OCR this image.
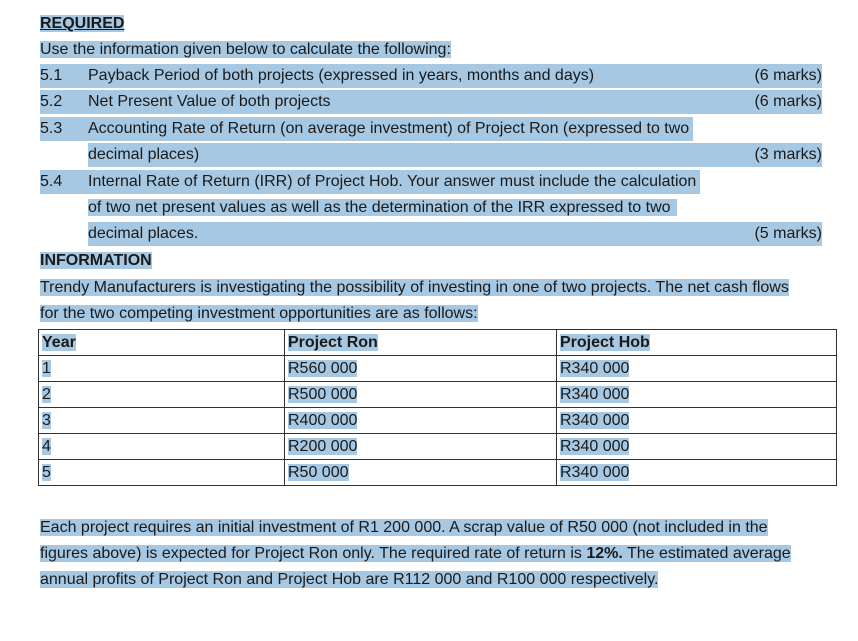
REQUIRED
Use the information given below to calculate the following:
5.1	Payback Period of both projects (expressed in years, months and days)	(6 marks)
5.2	Net Present Value of both projects	(6 marks)
5.3	Accounting Rate of Return (on average investment) of Project Ron (expressed to two
decimal places)	(3 marks)
5.4	Internal Rate of Return (IRR) of Project Hob. Your answer must include the calculation
of two net present values as well as the determination of the IRR expressed to two
decimal places.	(5 marks)
INFORMATION
Trendy Manufacturers is investigating the possibility of investing in one of two projects. The net cash flows
for the two competing investment opportunities are as follows:
Year	Project Ron	Project Hob
1	R560 000	R340 000
2	R500 000	R340 000
3	R400 000	R340 000
4	R200 000	R340 000
5	R50 000	R340 000
Each project requires an initial investment of R1 200 000. A scrap value of R50 000 (not included in the
figures above) is expected for Project Ron only. The required rate of return is 12%. The estimated average
annual profits of Project Ron and Project Hob are R112 000 and R100 000 respectively.
